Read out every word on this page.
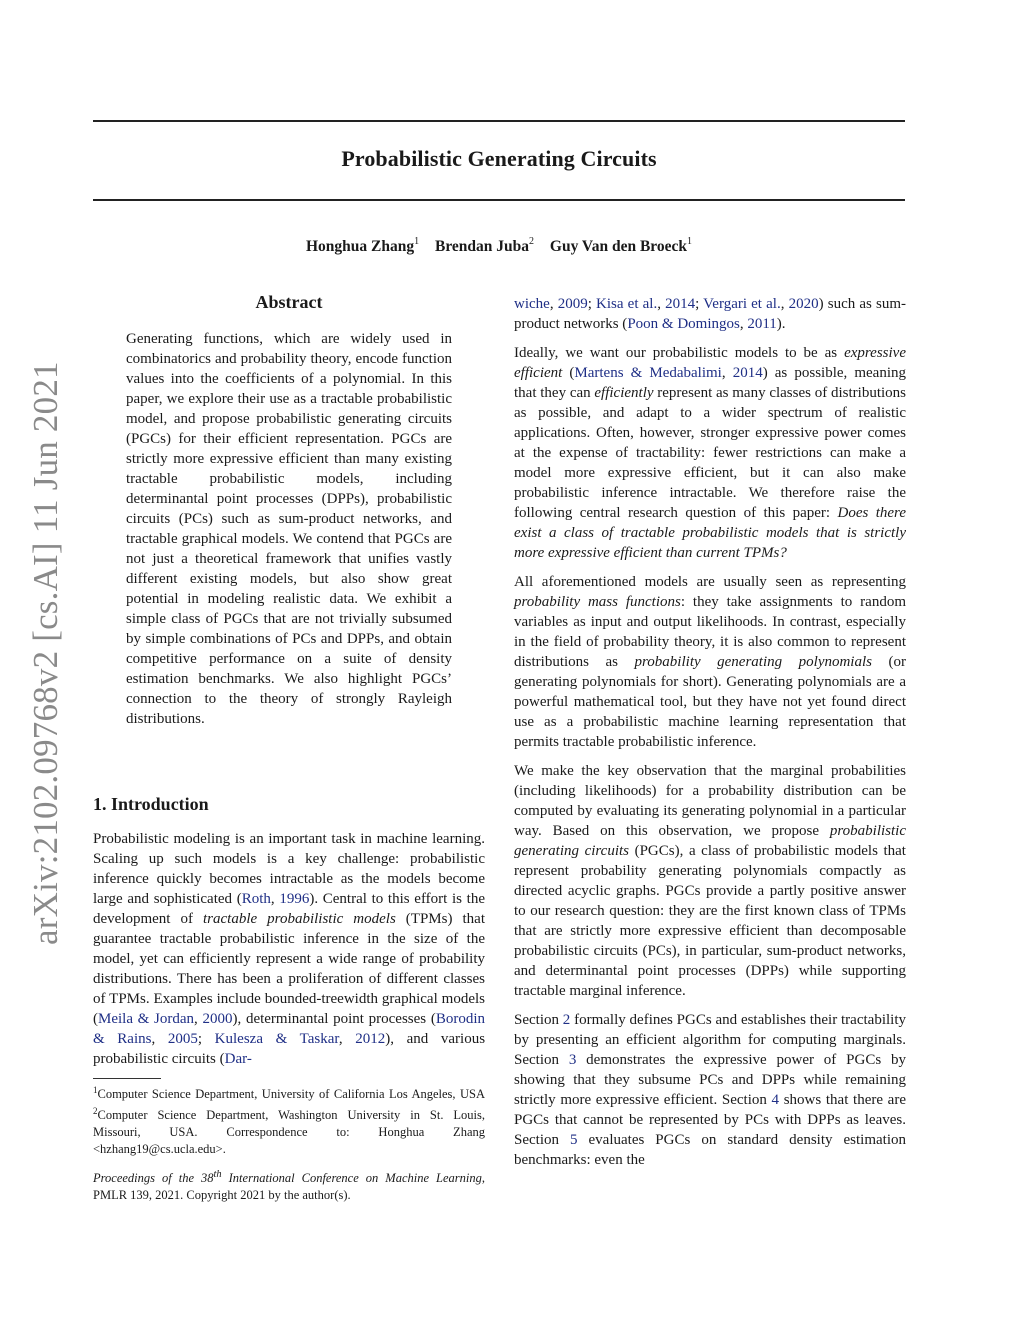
Probabilistic Generating Circuits
Honghua Zhang$^1$ Brendan Juba$^2$ Guy Van den Broeck$^1$
arXiv:2102.09768v2 [cs.AI] 11 Jun 2021
Abstract
Generating functions, which are widely used in combinatorics and probability theory, encode function values into the coefficients of a polynomial. In this paper, we explore their use as a tractable probabilistic model, and propose probabilistic generating circuits (PGCs) for their efficient representation. PGCs are strictly more expressive efficient than many existing tractable probabilistic models, including determinantal point processes (DPPs), probabilistic circuits (PCs) such as sum-product networks, and tractable graphical models. We contend that PGCs are not just a theoretical framework that unifies vastly different existing models, but also show great potential in modeling realistic data. We exhibit a simple class of PGCs that are not trivially subsumed by simple combinations of PCs and DPPs, and obtain competitive performance on a suite of density estimation benchmarks. We also highlight PGCs’ connection to the theory of strongly Rayleigh distributions.
1. Introduction
Probabilistic modeling is an important task in machine learning. Scaling up such models is a key challenge: probabilistic inference quickly becomes intractable as the models become large and sophisticated (Roth, 1996). Central to this effort is the development of tractable probabilistic models (TPMs) that guarantee tractable probabilistic inference in the size of the model, yet can efficiently represent a wide range of probability distributions. There has been a proliferation of different classes of TPMs. Examples include bounded-treewidth graphical models (Meila & Jordan, 2000), determinantal point processes (Borodin & Rains, 2005; Kulesza & Taskar, 2012), and various probabilistic circuits (Dar-
$^1$Computer Science Department, University of California Los Angeles, USA $^2$Computer Science Department, Washington University in St. Louis, Missouri, USA. Correspondence to: Honghua Zhang <hzhang19@cs.ucla.edu>.
Proceedings of the 38th International Conference on Machine Learning, PMLR 139, 2021. Copyright 2021 by the author(s).

wiche, 2009; Kisa et al., 2014; Vergari et al., 2020) such as sum-product networks (Poon & Domingos, 2011).

Ideally, we want our probabilistic models to be as expressive efficient (Martens & Medabalimi, 2014) as possible, meaning that they can efficiently represent as many classes of distributions as possible, and adapt to a wider spectrum of realistic applications. Often, however, stronger expressive power comes at the expense of tractability: fewer restrictions can make a model more expressive efficient, but it can also make probabilistic inference intractable. We therefore raise the following central research question of this paper: Does there exist a class of tractable probabilistic models that is strictly more expressive efficient than current TPMs?

All aforementioned models are usually seen as representing probability mass functions: they take assignments to random variables as input and output likelihoods. In contrast, especially in the field of probability theory, it is also common to represent distributions as probability generating polynomials (or generating polynomials for short). Generating polynomials are a powerful mathematical tool, but they have not yet found direct use as a probabilistic machine learning representation that permits tractable probabilistic inference.

We make the key observation that the marginal probabilities (including likelihoods) for a probability distribution can be computed by evaluating its generating polynomial in a particular way. Based on this observation, we propose probabilistic generating circuits (PGCs), a class of probabilistic models that represent probability generating polynomials compactly as directed acyclic graphs. PGCs provide a partly positive answer to our research question: they are the first known class of TPMs that are strictly more expressive efficient than decomposable probabilistic circuits (PCs), in particular, sum-product networks, and determinantal point processes (DPPs) while supporting tractable marginal inference.

Section 2 formally defines PGCs and establishes their tractability by presenting an efficient algorithm for computing marginals. Section 3 demonstrates the expressive power of PGCs by showing that they subsume PCs and DPPs while remaining strictly more expressive efficient. Section 4 shows that there are PGCs that cannot be represented by PCs with DPPs as leaves. Section 5 evaluates PGCs on standard density estimation benchmarks: even the
